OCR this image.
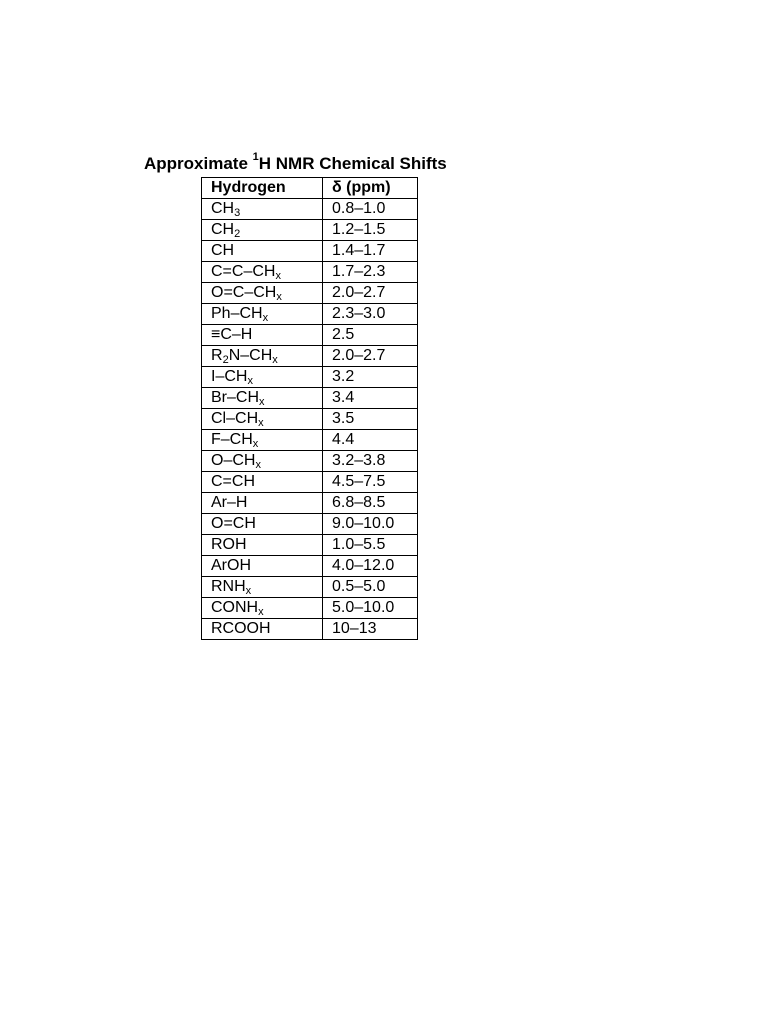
Approximate $^1$H NMR Chemical Shifts
Hydrogen	δ (ppm)
$CH_3$	0.8–1.0
$CH_2$	1.2–1.5
CH	1.4–1.7
$C=C-CH_x$	1.7–2.3
$O=C-CH_x$	2.0–2.7
$Ph-CH_x$	2.3–3.0
≡C–H	2.5
$R_2N-CH_x$	2.0–2.7
$I-CH_x$	3.2
$Br-CH_x$	3.4
$Cl-CH_x$	3.5
$F-CH_x$	4.4
$O-CH_x$	3.2–3.8
C=CH	4.5–7.5
Ar–H	6.8–8.5
O=CH	9.0–10.0
ROH	1.0–5.5
ArOH	4.0–12.0
$RNH_x$	0.5–5.0
$CONH_x$	5.0–10.0
RCOOH	10–13
